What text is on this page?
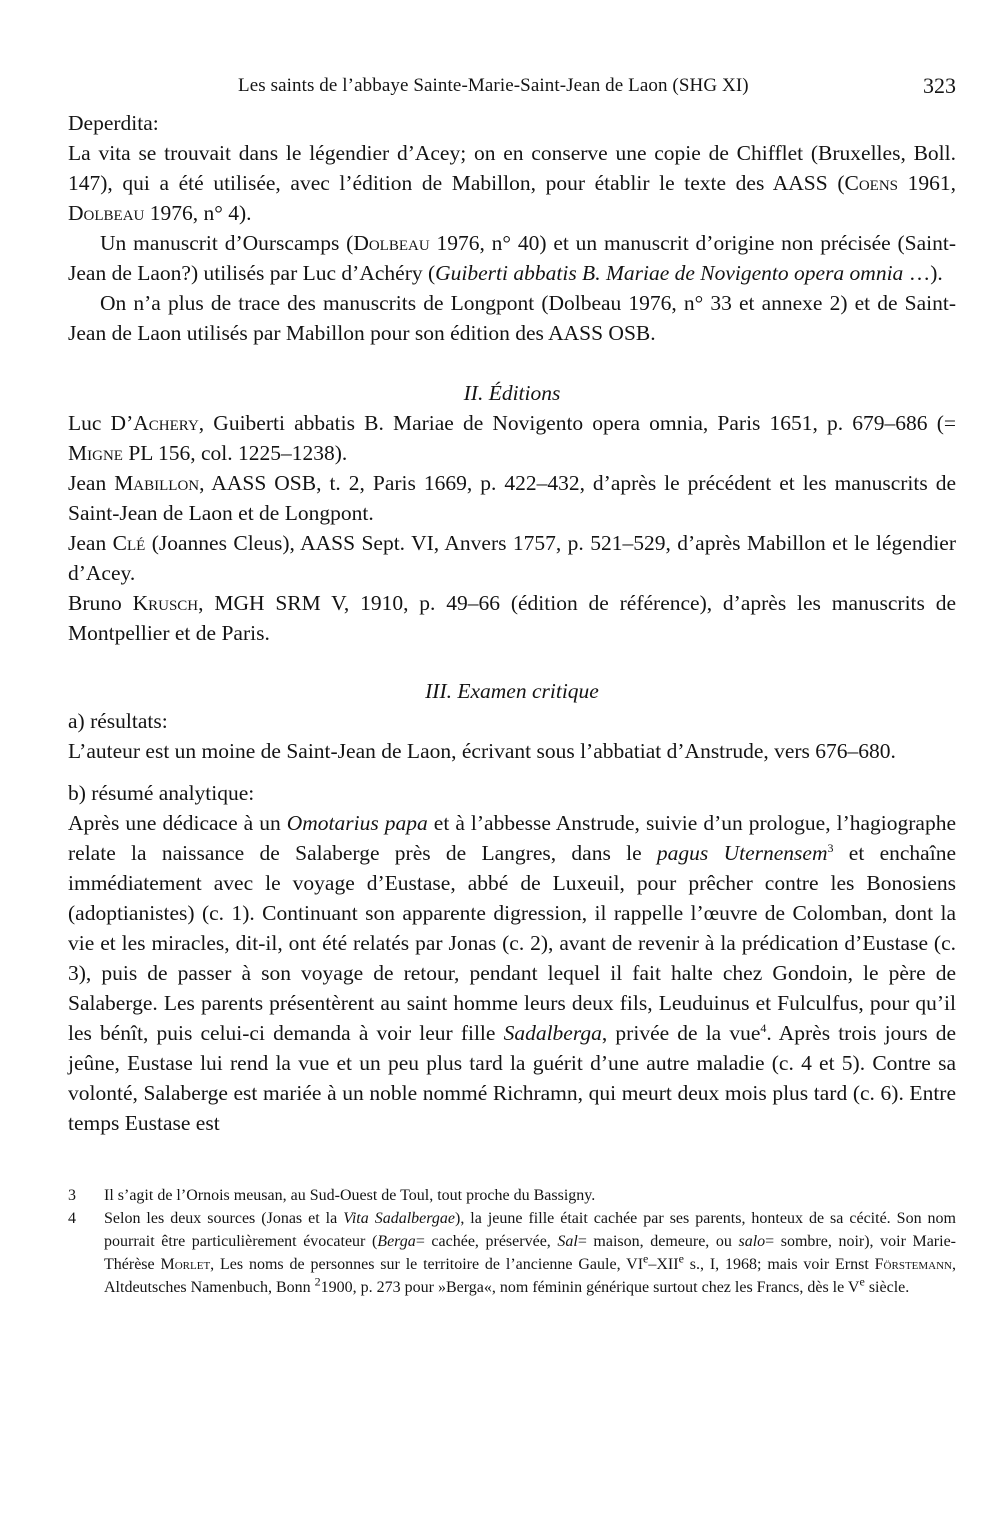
Les saints de l’abbaye Sainte-Marie-Saint-Jean de Laon (SHG XI)	323

Deperdita:

La vita se trouvait dans le légendier d’Acey; on en conserve une copie de Chifflet (Bruxelles, Boll. 147), qui a été utilisée, avec l’édition de Mabillon, pour établir le texte des AASS (Coens 1961, Dolbeau 1976, n° 4).

Un manuscrit d’Ourscamps (Dolbeau 1976, n° 40) et un manuscrit d’origine non précisée (Saint-Jean de Laon?) utilisés par Luc d’Achéry (Guiberti abbatis B. Mariae de Novigento opera omnia …).

On n’a plus de trace des manuscrits de Longpont (Dolbeau 1976, n° 33 et annexe 2) et de Saint-Jean de Laon utilisés par Mabillon pour son édition des AASS OSB.

II. Éditions

Luc D’Achery, Guiberti abbatis B. Mariae de Novigento opera omnia, Paris 1651, p. 679–686 (= Migne PL 156, col. 1225–1238).

Jean Mabillon, AASS OSB, t. 2, Paris 1669, p. 422–432, d’après le précédent et les manuscrits de Saint-Jean de Laon et de Longpont.

Jean Clé (Joannes Cleus), AASS Sept. VI, Anvers 1757, p. 521–529, d’après Mabillon et le légendier d’Acey.

Bruno Krusch, MGH SRM V, 1910, p. 49–66 (édition de référence), d’après les manuscrits de Montpellier et de Paris.

III. Examen critique

a) résultats:

L’auteur est un moine de Saint-Jean de Laon, écrivant sous l’abbatiat d’Anstrude, vers 676–680.

b) résumé analytique:

Après une dédicace à un Omotarius papa et à l’abbesse Anstrude, suivie d’un prologue, l’hagiographe relate la naissance de Salaberge près de Langres, dans le pagus Uternensem$^3$ et enchaîne immédiatement avec le voyage d’Eustase, abbé de Luxeuil, pour prêcher contre les Bonosiens (adoptianistes) (c. 1). Continuant son apparente digression, il rappelle l’œuvre de Colomban, dont la vie et les miracles, dit-il, ont été relatés par Jonas (c. 2), avant de revenir à la prédication d’Eustase (c. 3), puis de passer à son voyage de retour, pendant lequel il fait halte chez Gondoin, le père de Salaberge. Les parents présentèrent au saint homme leurs deux fils, Leuduinus et Fulculfus, pour qu’il les bénît, puis celui-ci demanda à voir leur fille Sadalberga, privée de la vue$^4$. Après trois jours de jeûne, Eustase lui rend la vue et un peu plus tard la guérit d’une autre maladie (c. 4 et 5). Contre sa volonté, Salaberge est mariée à un noble nommé Richramn, qui meurt deux mois plus tard (c. 6). Entre temps Eustase est

3	Il s’agit de l’Ornois meusan, au Sud-Ouest de Toul, tout proche du Bassigny.
4	Selon les deux sources (Jonas et la Vita Sadalbergae), la jeune fille était cachée par ses parents, honteux de sa cécité. Son nom pourrait être particulièrement évocateur (Berga= cachée, préservée, Sal= maison, demeure, ou salo= sombre, noir), voir Marie-Thérèse Morlet, Les noms de personnes sur le territoire de l’ancienne Gaule, VIe–XIIe s., I, 1968; mais voir Ernst Förstemann, Altdeutsches Namenbuch, Bonn $^2$1900, p. 273 pour »Berga«, nom féminin générique surtout chez les Francs, dès le Ve siècle.
